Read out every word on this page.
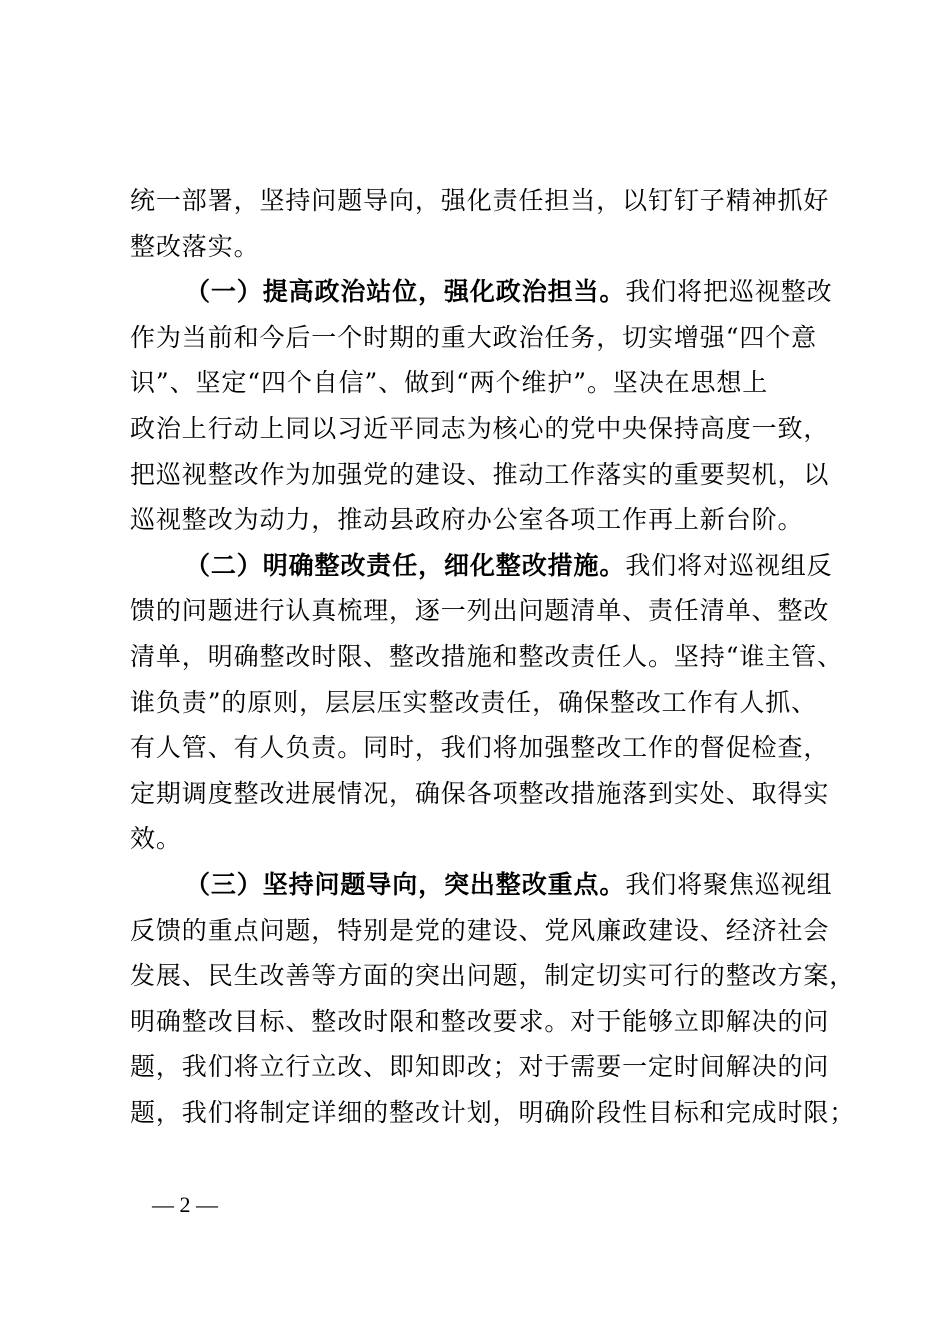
统一部署，坚持问题导向，强化责任担当，以钉钉子精神抓好
整改落实。
（一）提高政治站位，强化政治担当。我们将把巡视整改
作为当前和今后一个时期的重大政治任务，切实增强“四个意
识”、坚定“四个自信”、做到“两个维护”。坚决在思想上
政治上行动上同以习近平同志为核心的党中央保持高度一致，
把巡视整改作为加强党的建设、推动工作落实的重要契机，以
巡视整改为动力，推动县政府办公室各项工作再上新台阶。
（二）明确整改责任，细化整改措施。我们将对巡视组反
馈的问题进行认真梳理，逐一列出问题清单、责任清单、整改
清单，明确整改时限、整改措施和整改责任人。坚持“谁主管、
谁负责”的原则，层层压实整改责任，确保整改工作有人抓、
有人管、有人负责。同时，我们将加强整改工作的督促检查，
定期调度整改进展情况，确保各项整改措施落到实处、取得实
效。
（三）坚持问题导向，突出整改重点。我们将聚焦巡视组
反馈的重点问题，特别是党的建设、党风廉政建设、经济社会
发展、民生改善等方面的突出问题，制定切实可行的整改方案，
明确整改目标、整改时限和整改要求。对于能够立即解决的问
题，我们将立行立改、即知即改；对于需要一定时间解决的问
题，我们将制定详细的整改计划，明确阶段性目标和完成时限；
— 2 —
